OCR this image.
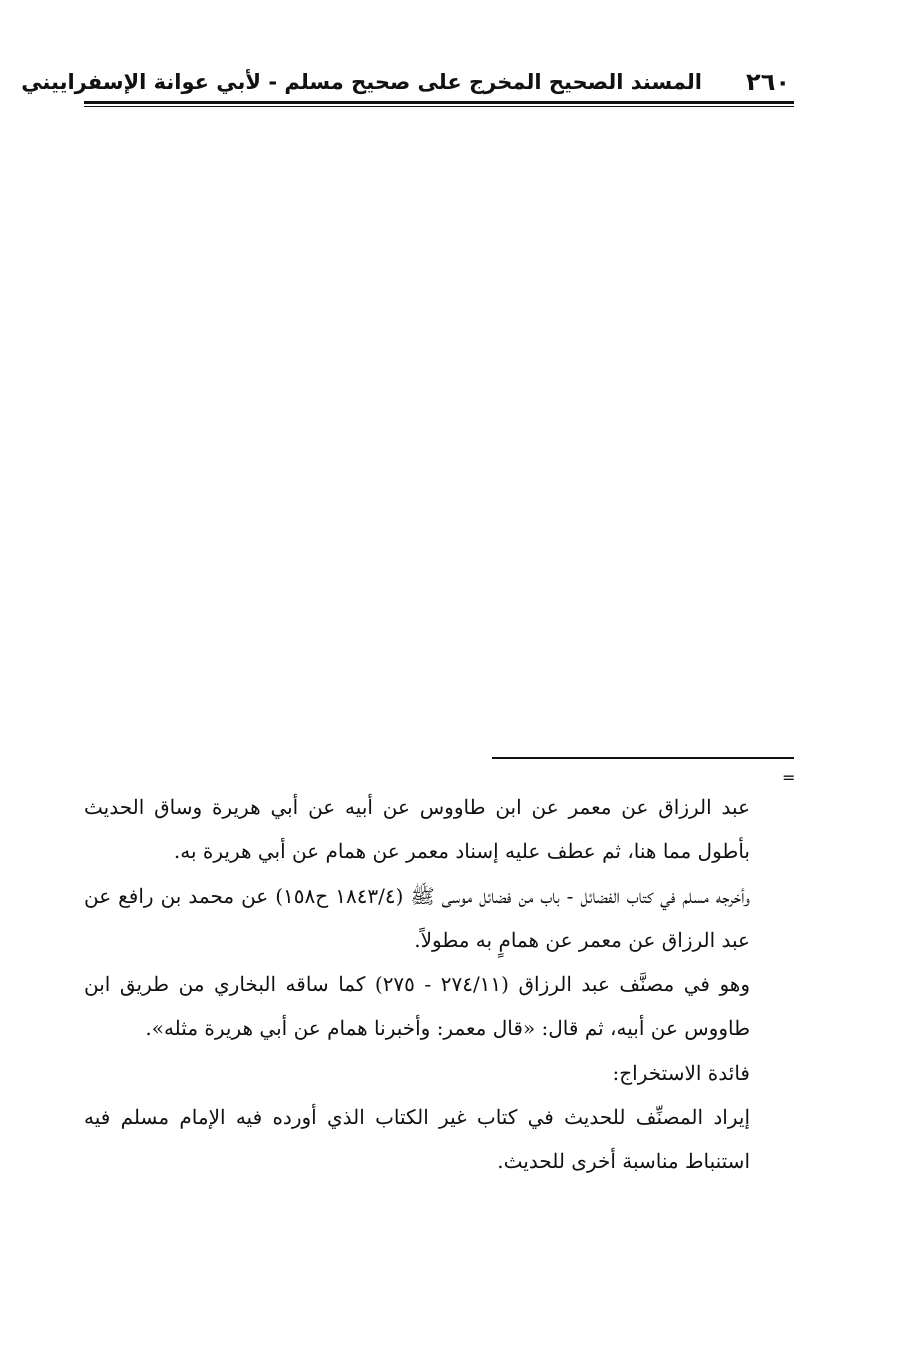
٢٦٠
المسند الصحيح المخرج على صحيح مسلم - لأبي عوانة الإسفراييني
=

عبد الرزاق عن معمر عن ابن طاووس عن أبيه عن أبي هريرة وساق الحديث بأطول مما هنا، ثم عطف عليه إسناد معمر عن همام عن أبي هريرة به.

وأخرجه مسلم في كتاب الفضائل - باب من فضائل موسى ﷺ (١٨٤٣/٤ ح١٥٨) عن محمد بن رافع عن عبد الرزاق عن معمر عن همامٍ به مطولاً.

وهو في مصنَّف عبد الرزاق (٢٧٤/١١ - ٢٧٥) كما ساقه البخاري من طريق ابن طاووس عن أبيه، ثم قال: «قال معمر: وأخبرنا همام عن أبي هريرة مثله».

فائدة الاستخراج:

إيراد المصنِّف للحديث في كتاب غير الكتاب الذي أورده فيه الإمام مسلم فيه استنباط مناسبة أخرى للحديث.
